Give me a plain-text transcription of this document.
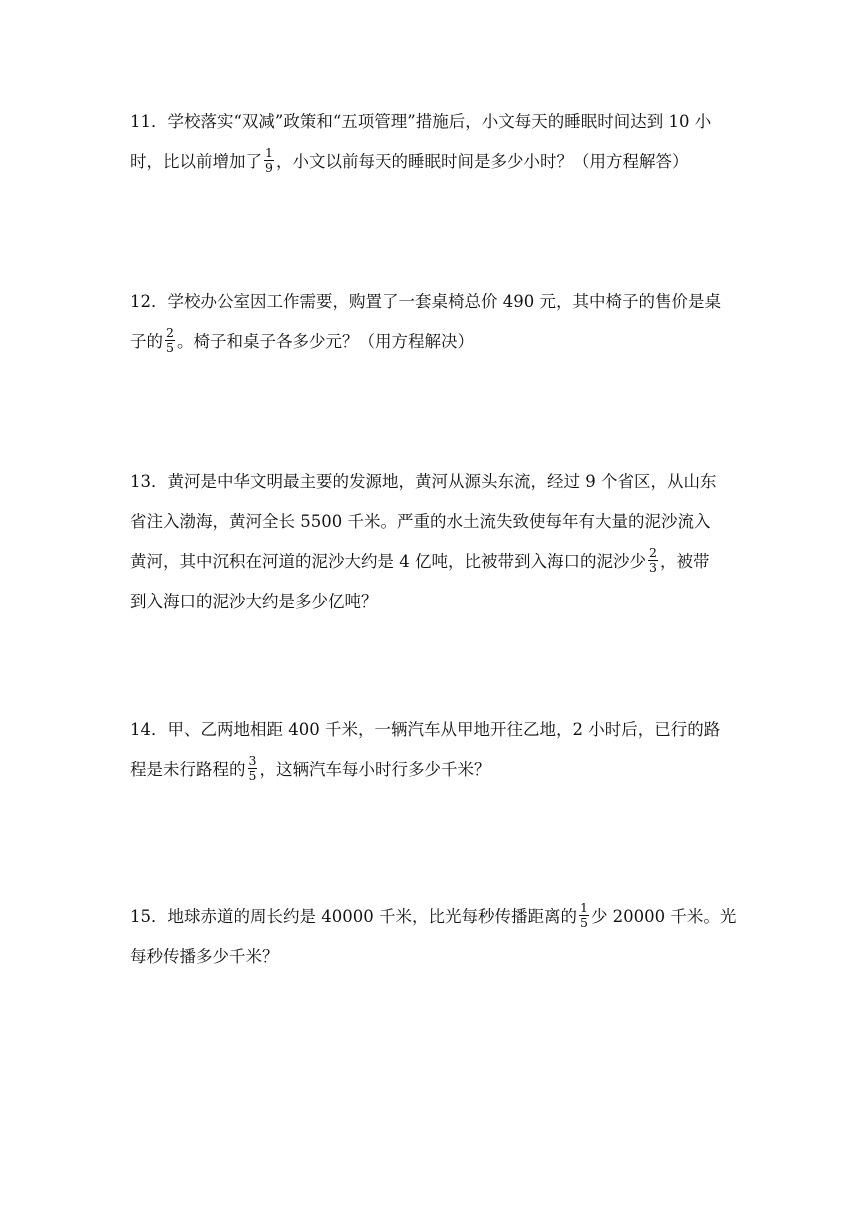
11．学校落实“双减”政策和“五项管理”措施后，小文每天的睡眠时间达到 10 小
时，比以前增加了 $\frac{1}{9}$ ，小文以前每天的睡眠时间是多少小时？（用方程解答）
12．学校办公室因工作需要，购置了一套桌椅总价 490 元，其中椅子的售价是桌
子的 $\frac{2}{5}$ 。椅子和桌子各多少元？（用方程解决）
13．黄河是中华文明最主要的发源地，黄河从源头东流，经过 9 个省区，从山东
省注入渤海，黄河全长 5500 千米。严重的水土流失致使每年有大量的泥沙流入
黄河，其中沉积在河道的泥沙大约是 4 亿吨，比被带到入海口的泥沙少 $\frac{2}{3}$ ，被带
到入海口的泥沙大约是多少亿吨？
14．甲、乙两地相距 400 千米，一辆汽车从甲地开往乙地，2 小时后，已行的路
程是未行路程的 $\frac{3}{5}$ ，这辆汽车每小时行多少千米？
15．地球赤道的周长约是 40000 千米，比光每秒传播距离的 $\frac{1}{5}$ 少 20000 千米。光
每秒传播多少千米？
